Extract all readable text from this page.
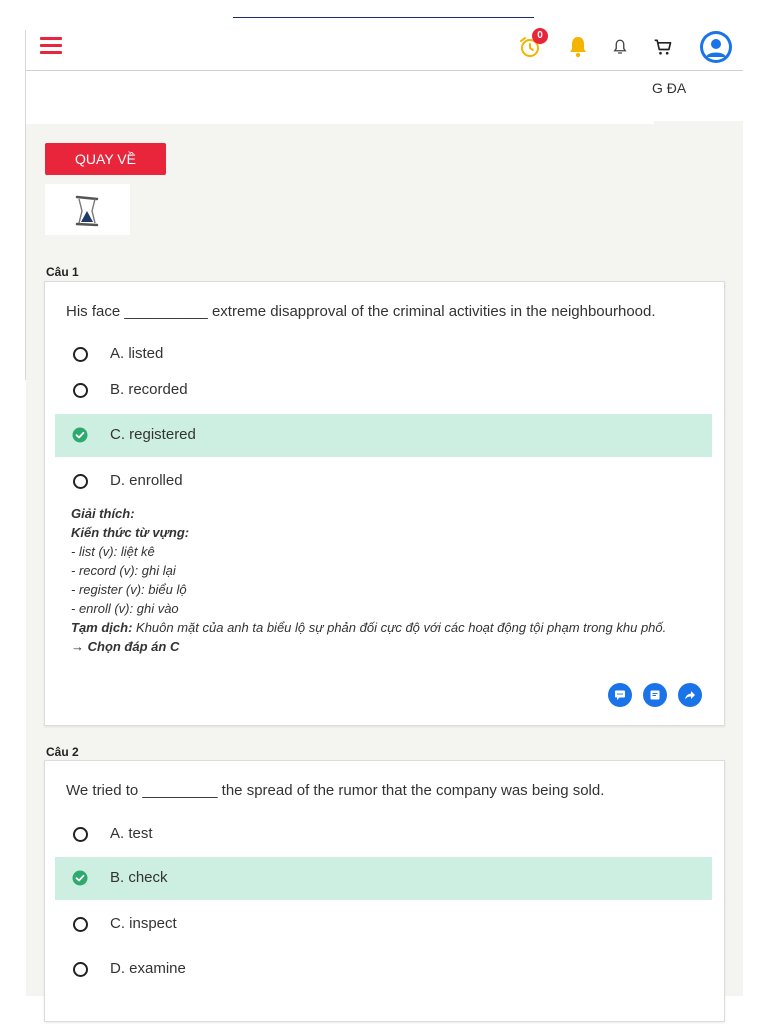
0
G ĐA
QUAY VỀ
Câu 1
His face __________ extreme disapproval of the criminal activities in the neighbourhood.
A. listed
B. recorded
C. registered
D. enrolled
Giải thích:
Kiến thức từ vựng:
- list (v): liệt kê
- record (v): ghi lại
- register (v): biểu lộ
- enroll (v): ghi vào
Tạm dịch: Khuôn mặt của anh ta biểu lộ sự phản đối cực độ với các hoạt động tội phạm trong khu phố.
→ Chọn đáp án C
Câu 2
We tried to _________ the spread of the rumor that the company was being sold.
A. test
B. check
C. inspect
D. examine
